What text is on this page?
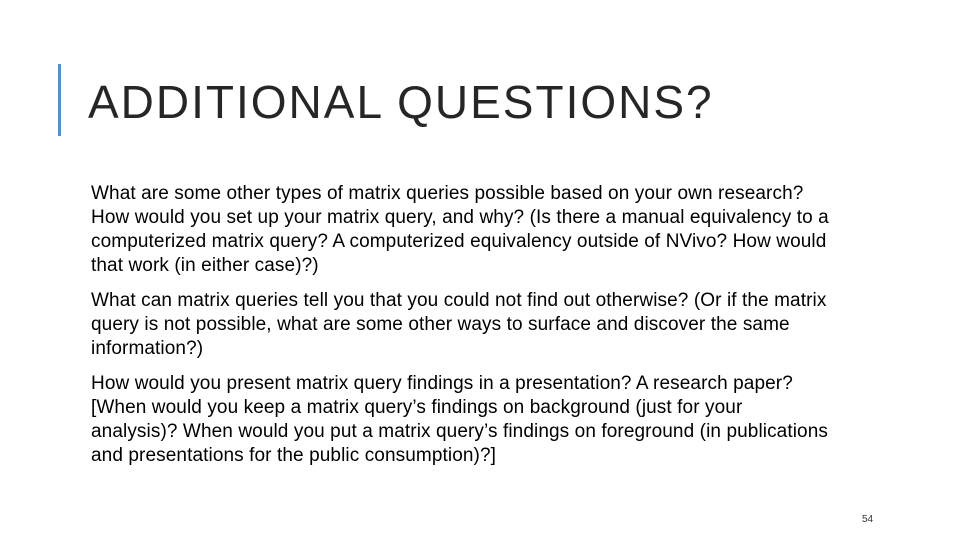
ADDITIONAL QUESTIONS?

What are some other types of matrix queries possible based on your own research? How would you set up your matrix query, and why? (Is there a manual equivalency to a computerized matrix query? A computerized equivalency outside of NVivo? How would that work (in either case)?)

What can matrix queries tell you that you could not find out otherwise? (Or if the matrix query is not possible, what are some other ways to surface and discover the same information?)

How would you present matrix query findings in a presentation? A research paper? [When would you keep a matrix query’s findings on background (just for your analysis)? When would you put a matrix query’s findings on foreground (in publications and presentations for the public consumption)?]

54
